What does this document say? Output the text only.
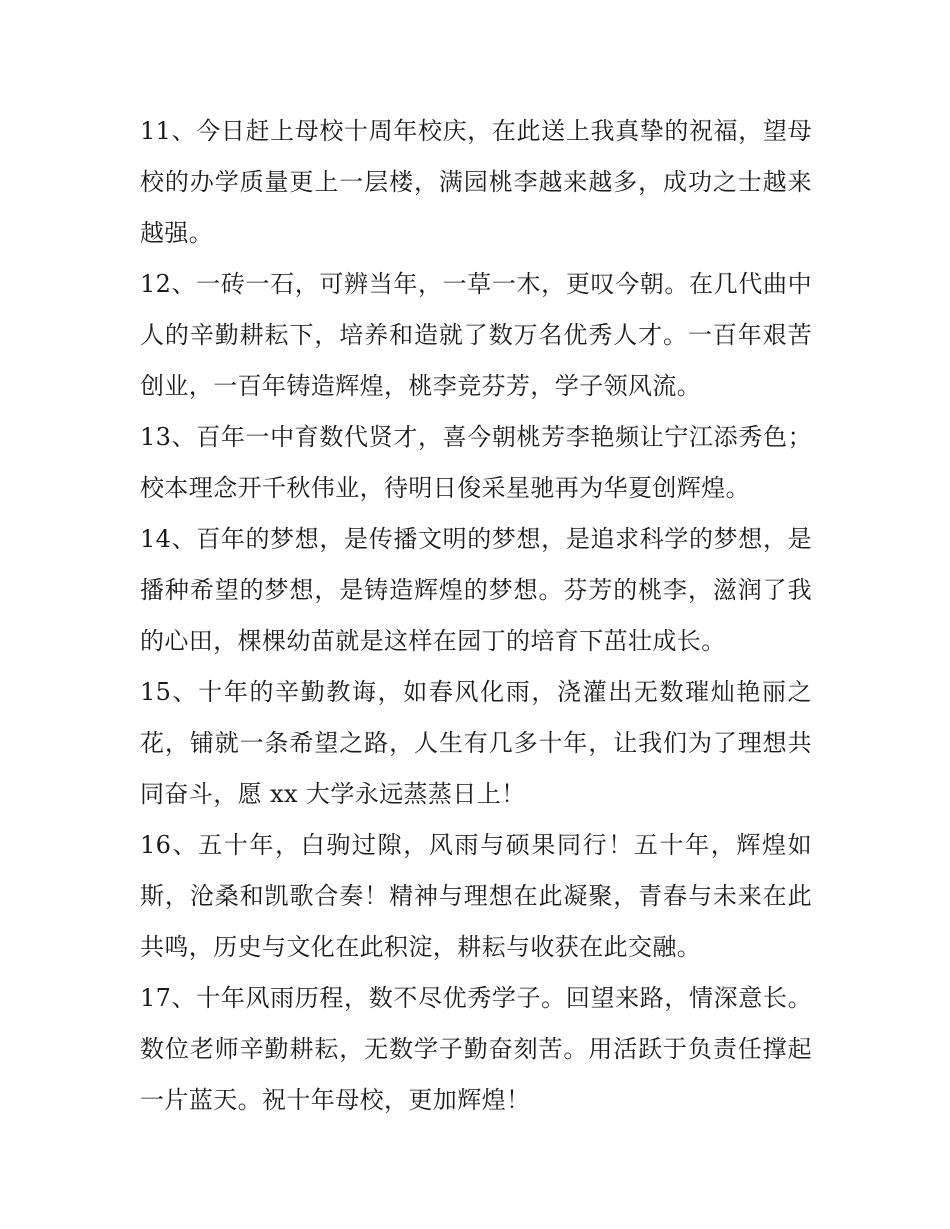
11、今日赶上母校十周年校庆，在此送上我真挚的祝福，望母校的办学质量更上一层楼，满园桃李越来越多，成功之士越来越强。

12、一砖一石，可辨当年，一草一木，更叹今朝。在几代曲中人的辛勤耕耘下，培养和造就了数万名优秀人才。一百年艰苦创业，一百年铸造辉煌，桃李竞芬芳，学子领风流。

13、百年一中育数代贤才，喜今朝桃芳李艳频让宁江添秀色；校本理念开千秋伟业，待明日俊采星驰再为华夏创辉煌。

14、百年的梦想，是传播文明的梦想，是追求科学的梦想，是播种希望的梦想，是铸造辉煌的梦想。芬芳的桃李，滋润了我的心田，棵棵幼苗就是这样在园丁的培育下茁壮成长。

15、十年的辛勤教诲，如春风化雨，浇灌出无数璀灿艳丽之花，铺就一条希望之路，人生有几多十年，让我们为了理想共同奋斗，愿 xx 大学永远蒸蒸日上！

16、五十年，白驹过隙，风雨与硕果同行！五十年，辉煌如斯，沧桑和凯歌合奏！精神与理想在此凝聚，青春与未来在此共鸣，历史与文化在此积淀，耕耘与收获在此交融。

17、十年风雨历程，数不尽优秀学子。回望来路，情深意长。数位老师辛勤耕耘，无数学子勤奋刻苦。用活跃于负责任撑起一片蓝天。祝十年母校，更加辉煌！
